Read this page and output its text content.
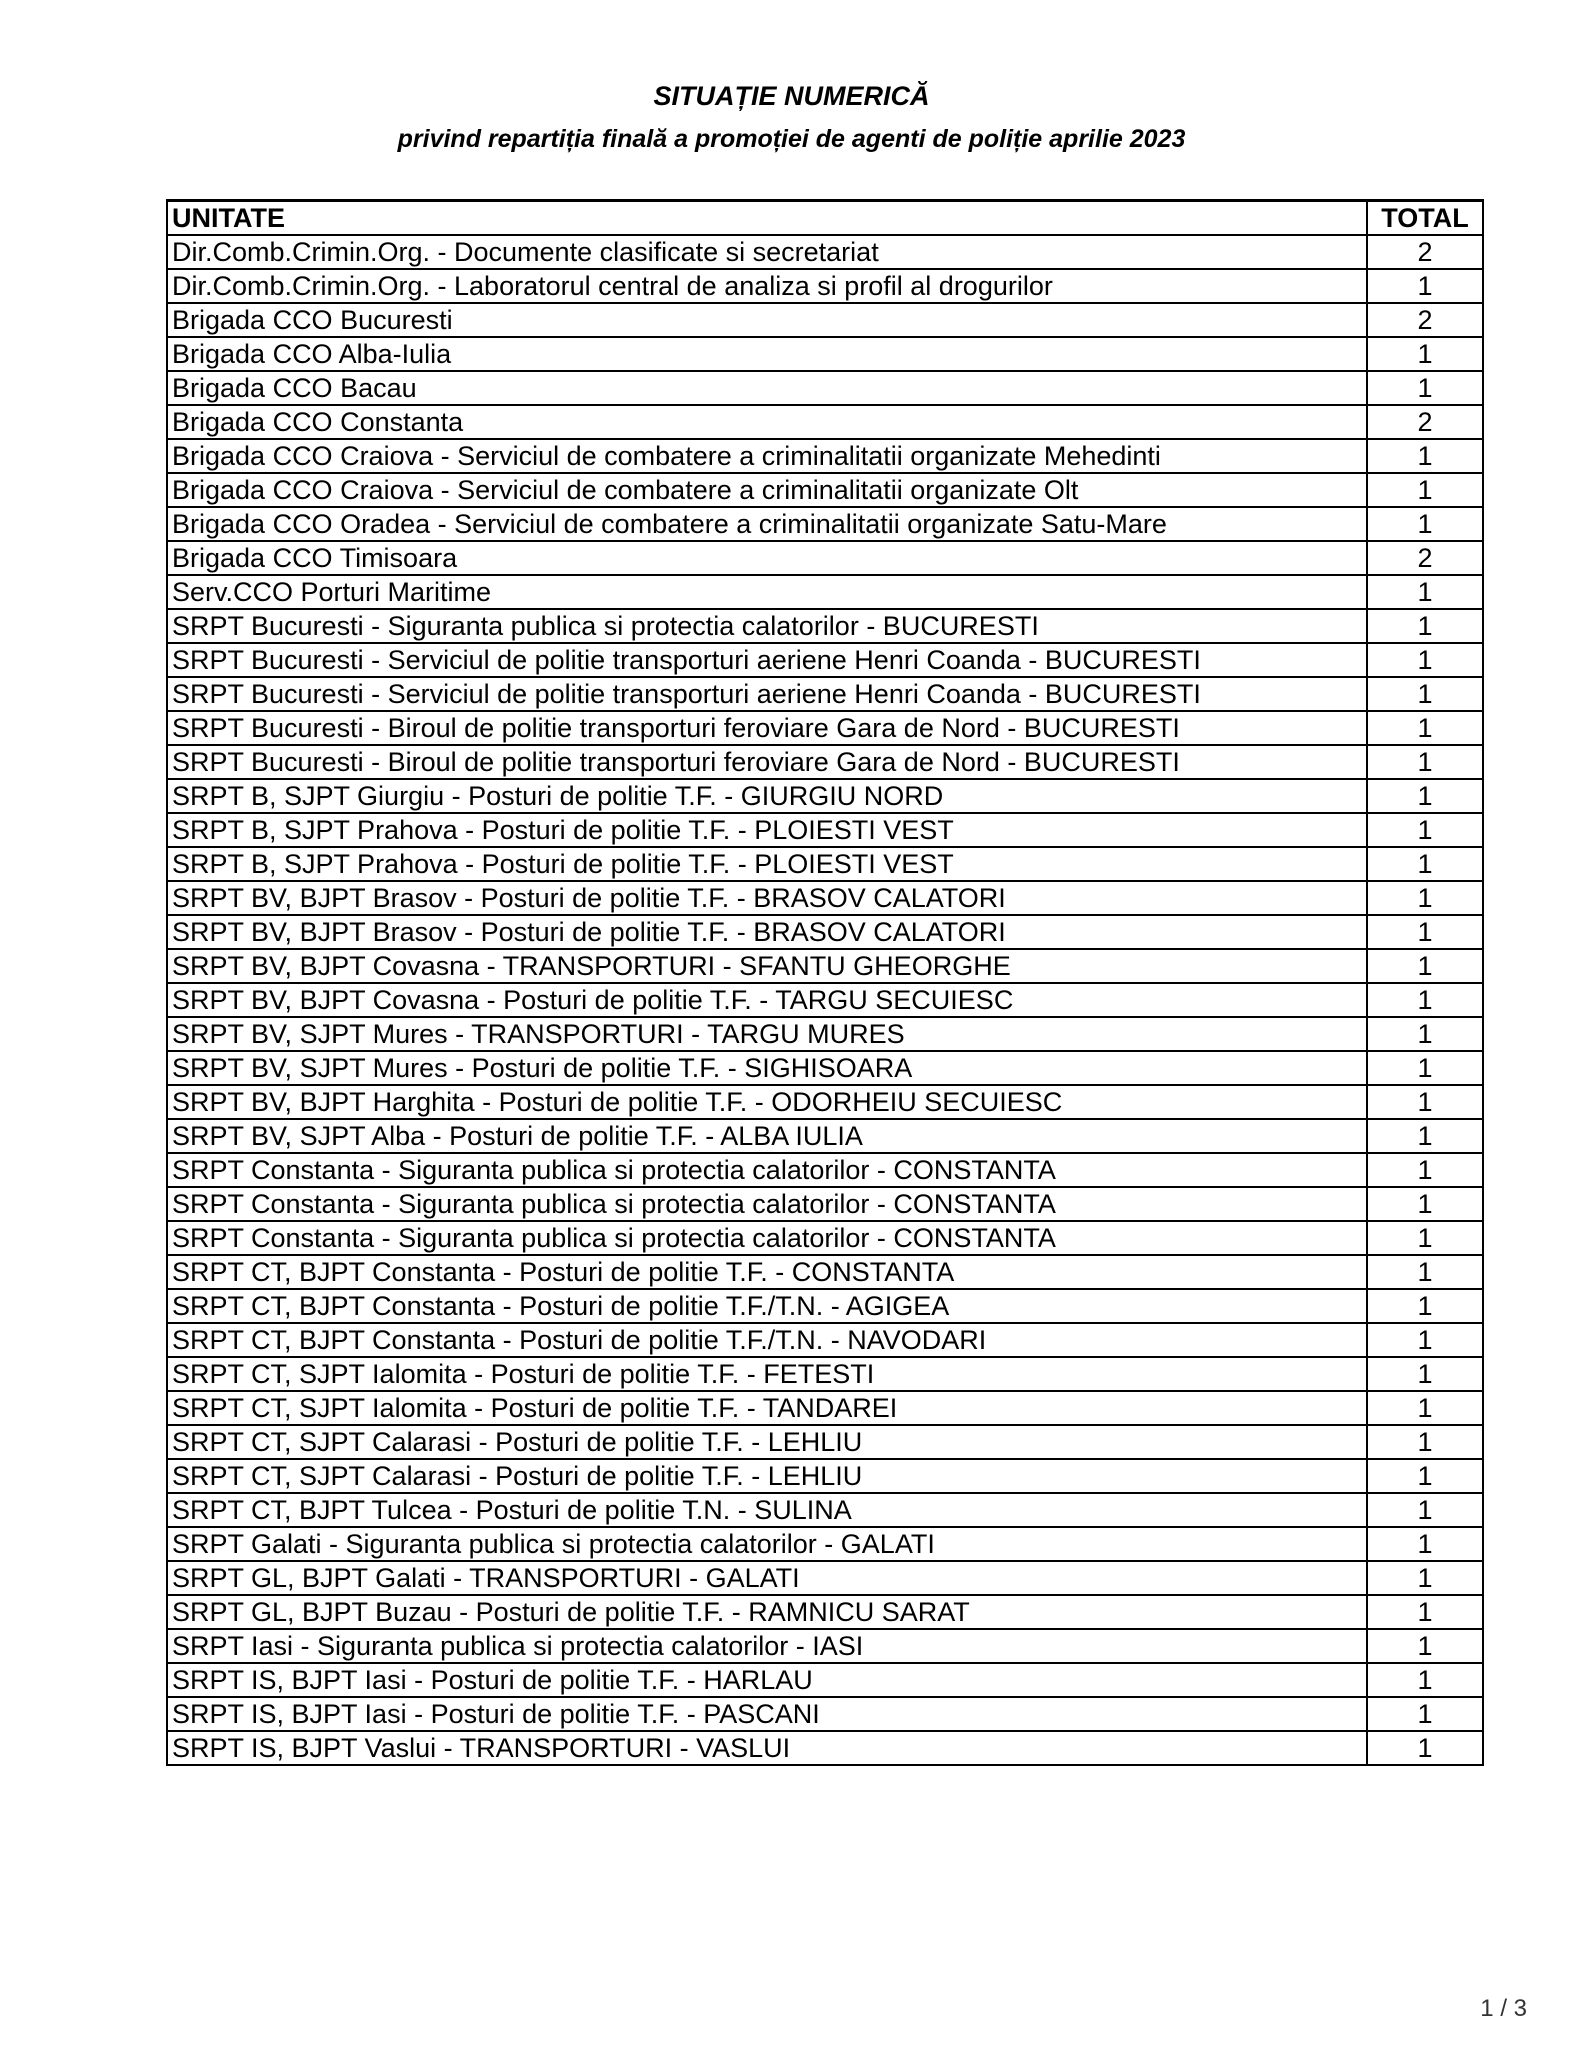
SITUAȚIE NUMERICĂ
privind repartiția finală a promoției de agenti de poliție aprilie 2023
UNITATE	TOTAL
Dir.Comb.Crimin.Org. - Documente clasificate si secretariat	2
Dir.Comb.Crimin.Org. - Laboratorul central de analiza si profil al drogurilor	1
Brigada CCO Bucuresti	2
Brigada CCO Alba-Iulia	1
Brigada CCO Bacau	1
Brigada CCO Constanta	2
Brigada CCO Craiova - Serviciul de combatere a criminalitatii organizate Mehedinti	1
Brigada CCO Craiova - Serviciul de combatere a criminalitatii organizate Olt	1
Brigada CCO Oradea - Serviciul de combatere a criminalitatii organizate Satu-Mare	1
Brigada CCO Timisoara	2
Serv.CCO Porturi Maritime	1
SRPT Bucuresti - Siguranta publica si protectia calatorilor - BUCURESTI	1
SRPT Bucuresti - Serviciul de politie transporturi aeriene Henri Coanda - BUCURESTI	1
SRPT Bucuresti - Serviciul de politie transporturi aeriene Henri Coanda - BUCURESTI	1
SRPT Bucuresti - Biroul de politie transporturi feroviare Gara de Nord - BUCURESTI	1
SRPT Bucuresti - Biroul de politie transporturi feroviare Gara de Nord - BUCURESTI	1
SRPT B, SJPT Giurgiu - Posturi de politie T.F. - GIURGIU NORD	1
SRPT B, SJPT Prahova - Posturi de politie T.F. - PLOIESTI VEST	1
SRPT B, SJPT Prahova - Posturi de politie T.F. - PLOIESTI VEST	1
SRPT BV, BJPT Brasov - Posturi de politie T.F. - BRASOV CALATORI	1
SRPT BV, BJPT Brasov - Posturi de politie T.F. - BRASOV CALATORI	1
SRPT BV, BJPT Covasna - TRANSPORTURI - SFANTU GHEORGHE	1
SRPT BV, BJPT Covasna - Posturi de politie T.F. - TARGU SECUIESC	1
SRPT BV, SJPT Mures - TRANSPORTURI - TARGU MURES	1
SRPT BV, SJPT Mures - Posturi de politie T.F. - SIGHISOARA	1
SRPT BV, BJPT Harghita - Posturi de politie T.F. - ODORHEIU SECUIESC	1
SRPT BV, SJPT Alba - Posturi de politie T.F. - ALBA IULIA	1
SRPT Constanta - Siguranta publica si protectia calatorilor - CONSTANTA	1
SRPT Constanta - Siguranta publica si protectia calatorilor - CONSTANTA	1
SRPT Constanta - Siguranta publica si protectia calatorilor - CONSTANTA	1
SRPT CT, BJPT Constanta - Posturi de politie T.F. - CONSTANTA	1
SRPT CT, BJPT Constanta - Posturi de politie T.F./T.N. - AGIGEA	1
SRPT CT, BJPT Constanta - Posturi de politie T.F./T.N. - NAVODARI	1
SRPT CT, SJPT Ialomita - Posturi de politie T.F. - FETESTI	1
SRPT CT, SJPT Ialomita - Posturi de politie T.F. - TANDAREI	1
SRPT CT, SJPT Calarasi - Posturi de politie T.F. - LEHLIU	1
SRPT CT, SJPT Calarasi - Posturi de politie T.F. - LEHLIU	1
SRPT CT, BJPT Tulcea - Posturi de politie T.N. - SULINA	1
SRPT Galati - Siguranta publica si protectia calatorilor - GALATI	1
SRPT GL, BJPT Galati - TRANSPORTURI - GALATI	1
SRPT GL, BJPT Buzau - Posturi de politie T.F. - RAMNICU SARAT	1
SRPT Iasi - Siguranta publica si protectia calatorilor - IASI	1
SRPT IS, BJPT Iasi - Posturi de politie T.F. - HARLAU	1
SRPT IS, BJPT Iasi - Posturi de politie T.F. - PASCANI	1
SRPT IS, BJPT Vaslui - TRANSPORTURI - VASLUI	1
1 / 3
